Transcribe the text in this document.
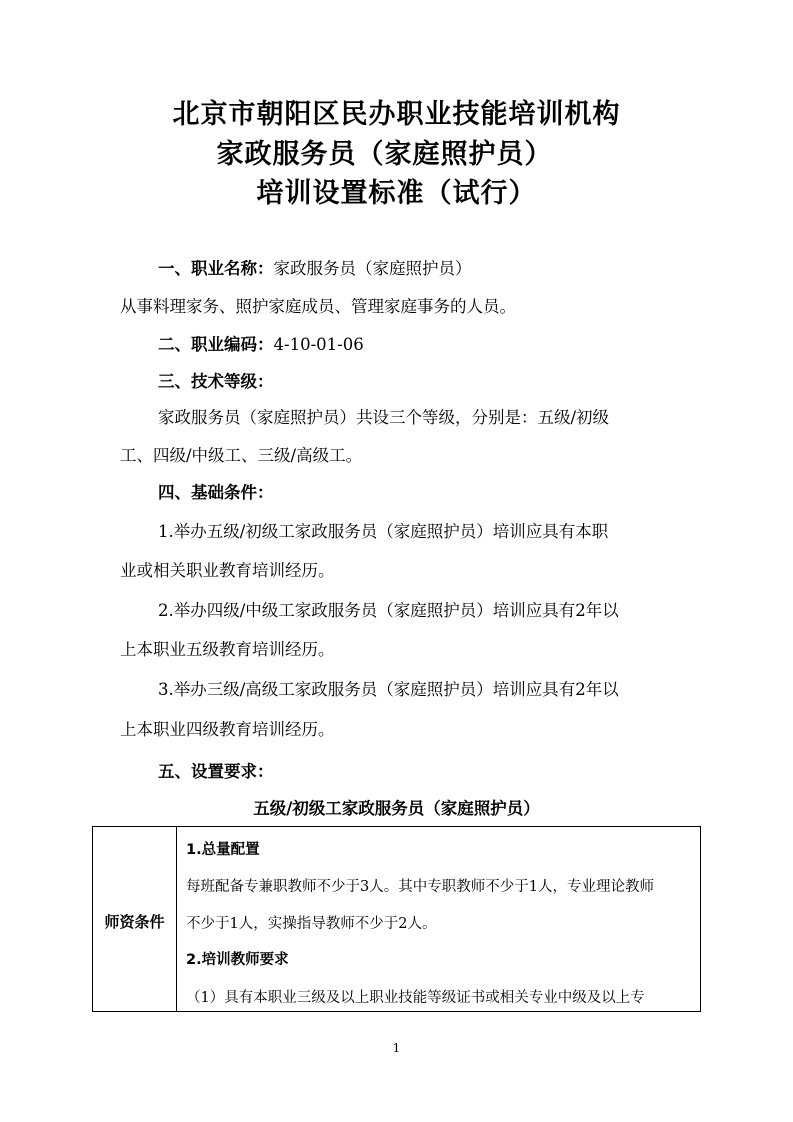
北京市朝阳区民办职业技能培训机构
家政服务员（家庭照护员）
培训设置标准（试行）
一、职业名称：家政服务员（家庭照护员）
从事料理家务、照护家庭成员、管理家庭事务的人员。
二、职业编码：4-10-01-06
三、技术等级：
家政服务员（家庭照护员）共设三个等级，分别是：五级/初级
工、四级/中级工、三级/高级工。
四、基础条件：
1.举办五级/初级工家政服务员（家庭照护员）培训应具有本职
业或相关职业教育培训经历。
2.举办四级/中级工家政服务员（家庭照护员）培训应具有2年以
上本职业五级教育培训经历。
3.举办三级/高级工家政服务员（家庭照护员）培训应具有2年以
上本职业四级教育培训经历。
五、设置要求：
五级/初级工家政服务员（家庭照护员）
师资条件
1.总量配置
每班配备专兼职教师不少于3人。其中专职教师不少于1人，专业理论教师
不少于1人，实操指导教师不少于2人。
2.培训教师要求
（1）具有本职业三级及以上职业技能等级证书或相关专业中级及以上专
1
